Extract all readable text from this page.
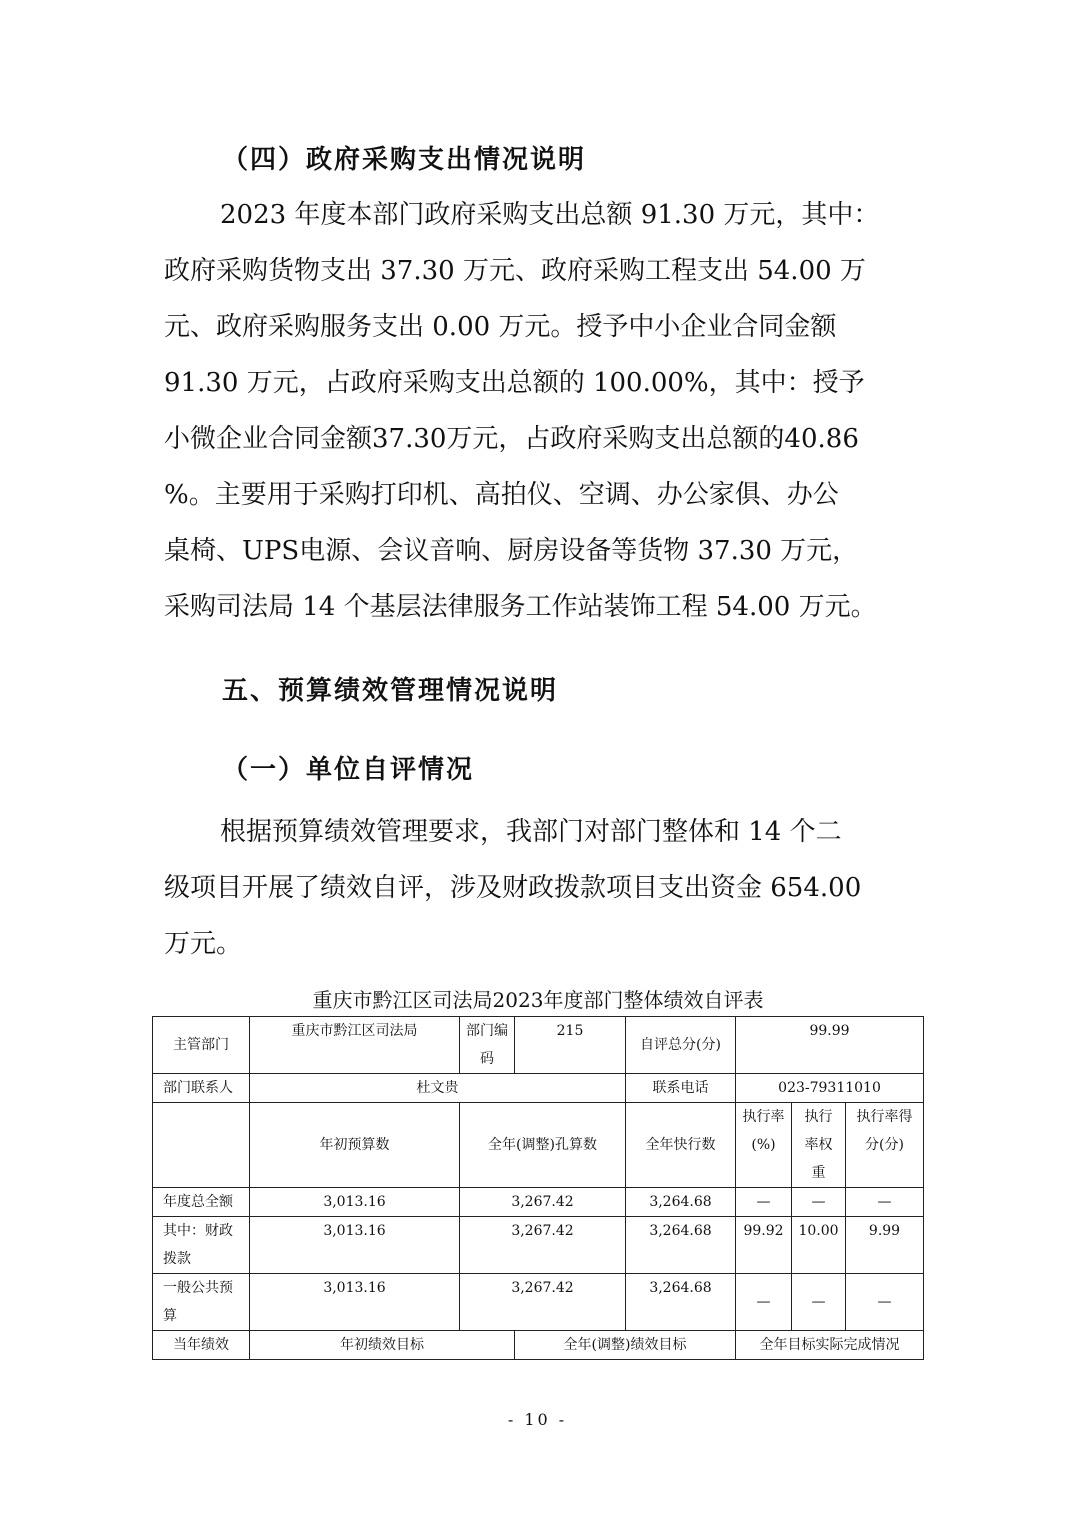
（四）政府采购支出情况说明
2023 年度本部门政府采购支出总额 91.30 万元，其中：
政府采购货物支出 37.30 万元、政府采购工程支出 54.00 万
元、政府采购服务支出 0.00 万元。授予中小企业合同金额
91.30 万元，占政府采购支出总额的 100.00%，其中：授予
小微企业合同金额37.30万元，占政府采购支出总额的40.86
%。主要用于采购打印机、高拍仪、空调、办公家俱、办公
桌椅、UPS电源、会议音响、厨房设备等货物 37.30 万元，
采购司法局 14 个基层法律服务工作站装饰工程 54.00 万元。
五、预算绩效管理情况说明
（一）单位自评情况
根据预算绩效管理要求，我部门对部门整体和 14 个二
级项目开展了绩效自评，涉及财政拨款项目支出资金 654.00
万元。
重庆市黔江区司法局2023年度部门整体绩效自评表
主管部门	重庆市黔江区司法局	部门编码	215	自评总分(分)	99.99		
部门联系人	杜文贵			联系电话	023-79311010		
	年初预算数	全年(调整)孔算数		全年快行数	执行率(%)	执行率权重	执行率得分(分)
年度总全额	3,013.16	3,267.42		3,264.68	—	—	—
其中：财政拨款	3,013.16	3,267.42		3,264.68	99.92	10.00	9.99
一般公共预算	3,013.16	3,267.42		3,264.68	—	—	—
当年绩效	年初绩效目标		全年(调整)绩效目标		全年目标实际完成情况		
- 10 -
